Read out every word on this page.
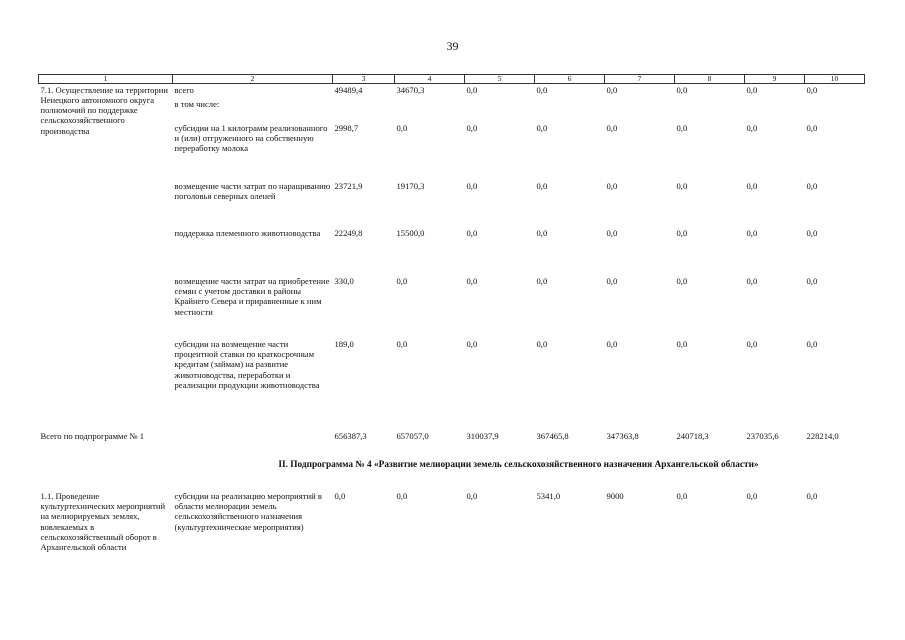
39
1	2	3	4	5	6	7	8	9	10
7.1. Осуществление на территории Ненецкого автономного округа полномочий по поддержке сельскохозяйственного производства	всего	49489,4	34670,3	0,0	0,0	0,0	0,0	0,0	0,0
	в том числе:								
	субсидии на 1 килограмм реализованного и (или) отгруженного на собственную переработку молока	2998,7	0,0	0,0	0,0	0,0	0,0	0,0	0,0
	возмещение части затрат по наращиванию поголовья северных оленей	23721,9	19170,3	0,0	0,0	0,0	0,0	0,0	0,0
	поддержка племенного животноводства	22249,8	15500,0	0,0	0,0	0,0	0,0	0,0	0,0
	возмещение части затрат на приобретение семян с учетом доставки в районы Крайнего Севера и приравненные к ним местности	330,0	0,0	0,0	0,0	0,0	0,0	0,0	0,0
	субсидии на возмещение части процентной ставки по краткосрочным кредитам (займам) на развитие животноводства, переработки и реализации продукции животноводства	189,0	0,0	0,0	0,0	0,0	0,0	0,0	0,0
Всего по подпрограмме № 1		656387,3	657057,0	310037,9	367465,8	347363,8	240718,3	237035,6	228214,0
	II. Подпрограмма № 4 «Развитие мелиорации земель сельскохозяйственного назначения Архангельской области»								
1.1. Проведение культуртехнических мероприятий на мелиорируемых землях, вовлекаемых в сельскохозяйственный оборот в Архангельской области	субсидии на реализацию мероприятий в области мелиорации земель сельскохозяйственного назначения (культуртехнические мероприятия)	0,0	0,0	0,0	5341,0	9000	0,0	0,0	0,0
